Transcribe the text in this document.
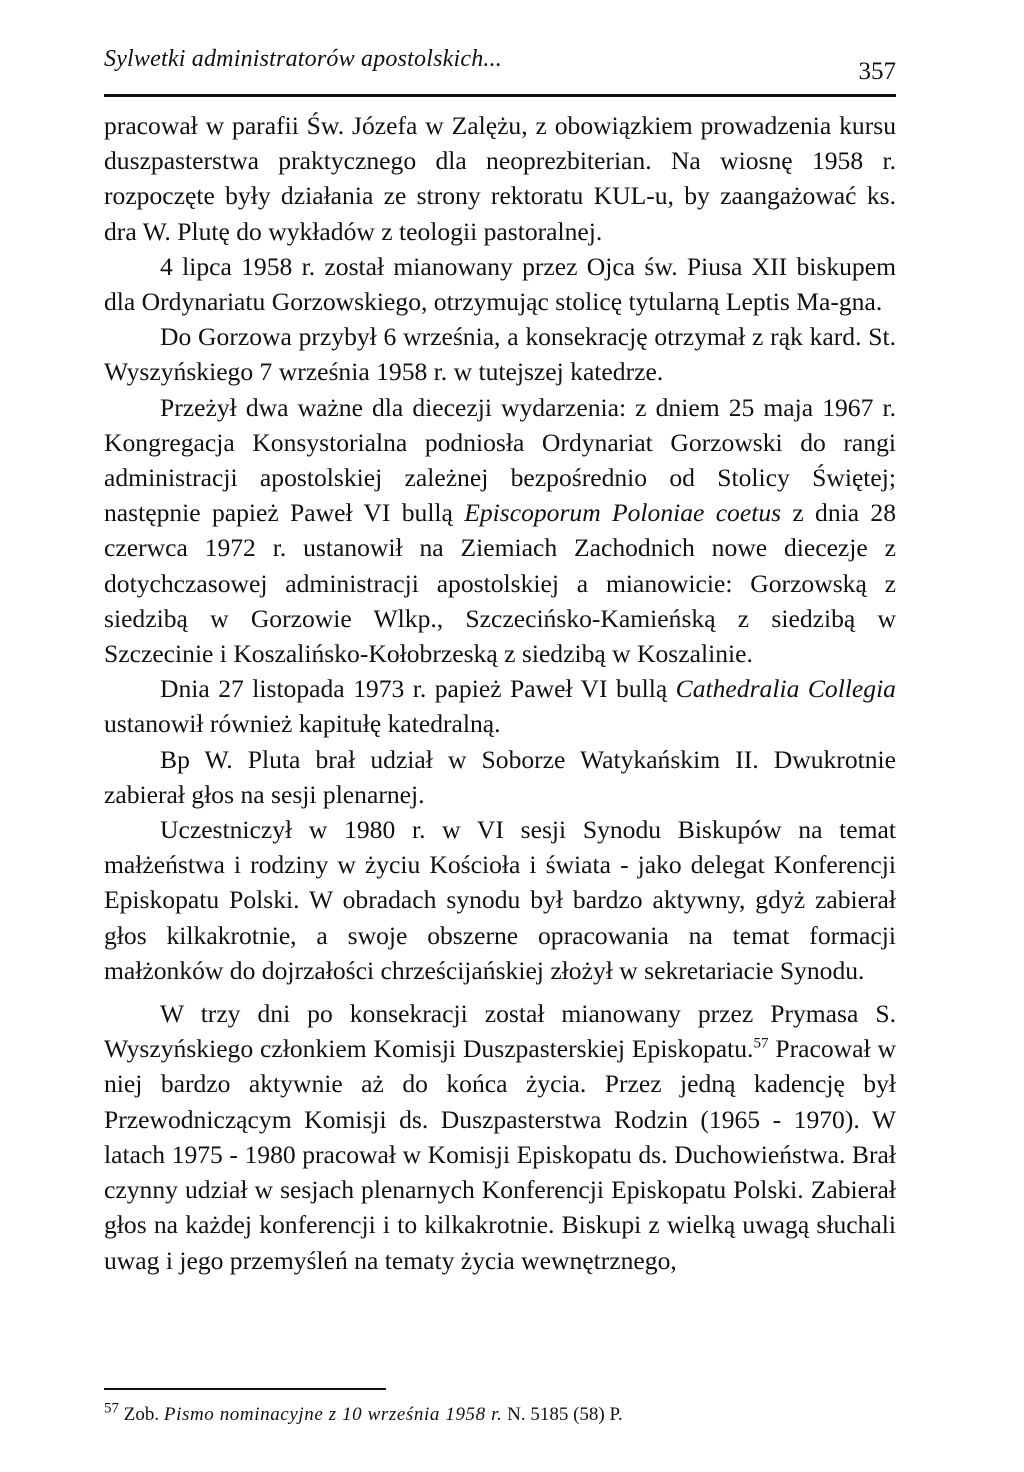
Sylwetki administratorów apostolskich...	357

pracował w parafii Św. Józefa w Zalężu, z obowiązkiem prowadzenia kursu duszpasterstwa praktycznego dla neoprezbiterian. Na wiosnę 1958 r. rozpoczęte były działania ze strony rektoratu KUL-u, by zaangażować ks. dra W. Plutę do wykładów z teologii pastoralnej.

4 lipca 1958 r. został mianowany przez Ojca św. Piusa XII biskupem dla Ordynariatu Gorzowskiego, otrzymując stolicę tytularną Leptis Ma-gna.

Do Gorzowa przybył 6 września, a konsekrację otrzymał z rąk kard. St. Wyszyńskiego 7 września 1958 r. w tutejszej katedrze.

Przeżył dwa ważne dla diecezji wydarzenia: z dniem 25 maja 1967 r. Kongregacja Konsystorialna podniosła Ordynariat Gorzowski do rangi administracji apostolskiej zależnej bezpośrednio od Stolicy Świętej; następnie papież Paweł VI bullą Episcoporum Poloniae coetus z dnia 28 czerwca 1972 r. ustanowił na Ziemiach Zachodnich nowe diecezje z dotychczasowej administracji apostolskiej a mianowicie: Gorzowską z siedzibą w Gorzowie Wlkp., Szczecińsko-Kamieńską z siedzibą w Szczecinie i Koszalińsko-Kołobrzeską z siedzibą w Koszalinie.

Dnia 27 listopada 1973 r. papież Paweł VI bullą Cathedralia Collegia ustanowił również kapitułę katedralną.

Bp W. Pluta brał udział w Soborze Watykańskim II. Dwukrotnie zabierał głos na sesji plenarnej.

Uczestniczył w 1980 r. w VI sesji Synodu Biskupów na temat małżeństwa i rodziny w życiu Kościoła i świata - jako delegat Konferencji Episkopatu Polski. W obradach synodu był bardzo aktywny, gdyż zabierał głos kilkakrotnie, a swoje obszerne opracowania na temat formacji małżonków do dojrzałości chrześcijańskiej złożył w sekretariacie Synodu.

W trzy dni po konsekracji został mianowany przez Prymasa S. Wyszyńskiego członkiem Komisji Duszpasterskiej Episkopatu.$^{57}$ Pracował w niej bardzo aktywnie aż do końca życia. Przez jedną kadencję był Przewodniczącym Komisji ds. Duszpasterstwa Rodzin (1965 - 1970). W latach 1975 - 1980 pracował w Komisji Episkopatu ds. Duchowieństwa. Brał czynny udział w sesjach plenarnych Konferencji Episkopatu Polski. Zabierał głos na każdej konferencji i to kilkakrotnie. Biskupi z wielką uwagą słuchali uwag i jego przemyśleń na tematy życia wewnętrznego,

$^{57}$ Zob. Pismo nominacyjne z 10 września 1958 r. N. 5185 (58) P.
